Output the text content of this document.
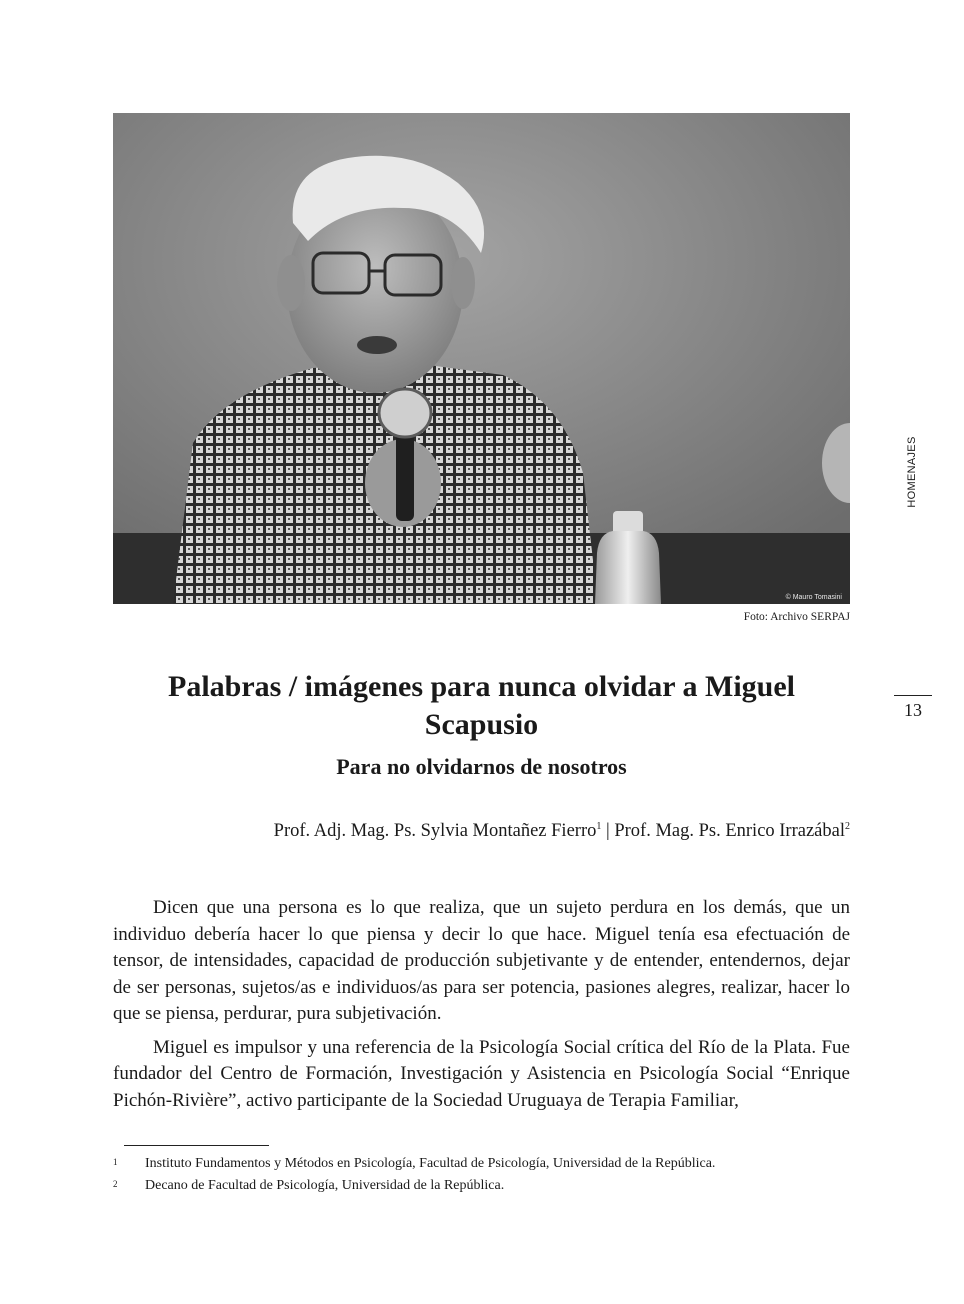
© Mauro Tomasini
Foto: Archivo SERPAJ
HOMENAJES
13
Palabras / imágenes para nunca olvidar a Miguel Scapusio
Para no olvidarnos de nosotros
Prof. Adj. Mag. Ps. Sylvia Montañez Fierro$^1$ | Prof. Mag. Ps. Enrico Irrazábal$^2$

Dicen que una persona es lo que realiza, que un sujeto perdura en los demás, que un individuo debería hacer lo que piensa y decir lo que hace. Miguel tenía esa efectuación de tensor, de intensidades, capacidad de producción subjetivante y de entender, entendernos, dejar de ser personas, sujetos/as e individuos/as para ser potencia, pasiones alegres, realizar, hacer lo que se piensa, perdurar, pura subjetivación.

Miguel es impulsor y una referencia de la Psicología Social crítica del Río de la Plata. Fue fundador del Centro de Formación, Investigación y Asistencia en Psicología Social “Enrique Pichón-Rivière”, activo participante de la Sociedad Uruguaya de Terapia Familiar,

1 Instituto Fundamentos y Métodos en Psicología, Facultad de Psicología, Universidad de la República.
2 Decano de Facultad de Psicología, Universidad de la República.
